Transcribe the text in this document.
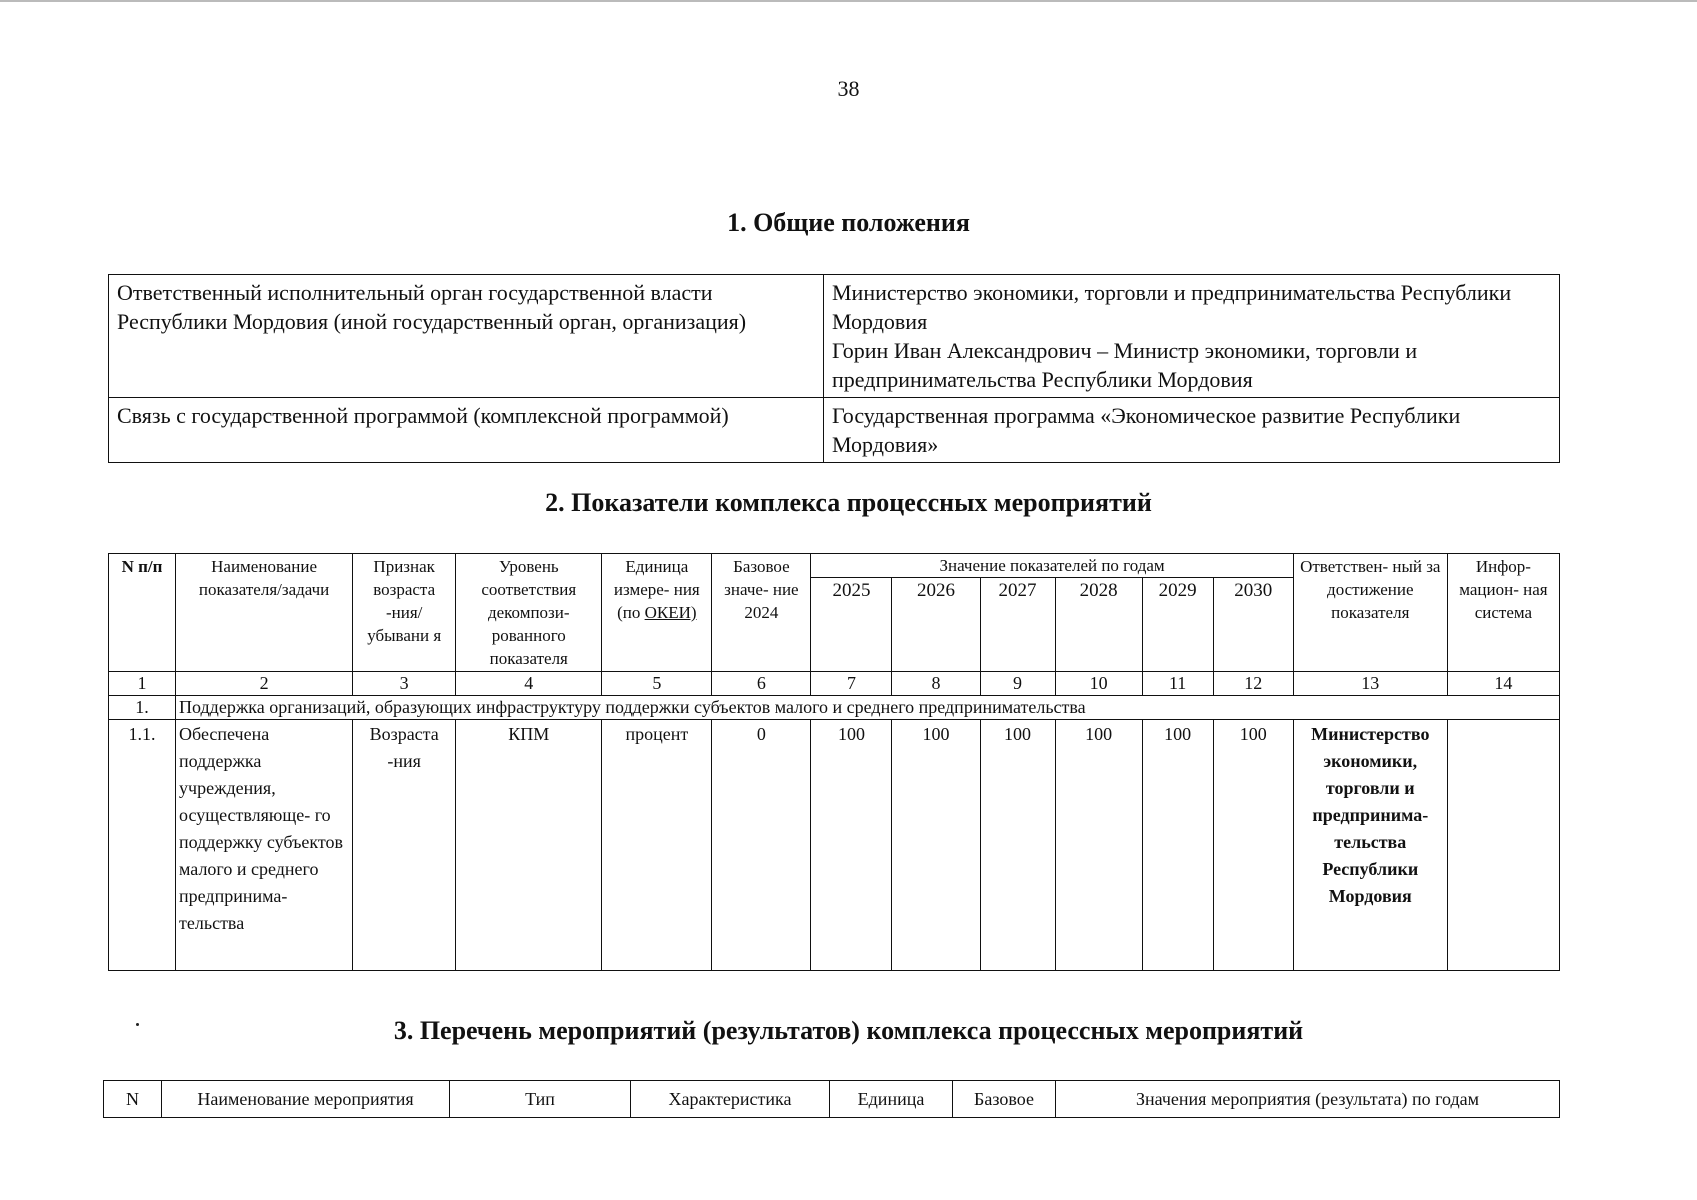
38
1. Общие положения
Ответственный исполнительный орган государственной власти Республики Мордовия (иной государственный орган, организация)	Министерство экономики, торговли и предпринимательства Республики Мордовия
Горин Иван Александрович – Министр экономики, торговли и предпринимательства Республики Мордовия

Связь с государственной программой (комплексной программой)	Государственная программа «Экономическое развитие Республики Мордовия»
2. Показатели комплекса процессных мероприятий
N п/п	Наименование показателя/задачи	Признак возраста -ния/ убывани я	Уровень соответствия декомпози- рованного показателя	Единица измере- ния (по ОКЕИ)	Базовое значе- ние 2024	Значение показателей по годам						Ответствен- ный за достижение показателя	Инфор- мацион- ная система
						2025	2026	2027	2028	2029	2030		
1	2	3	4	5	6	7	8	9	10	11	12	13	14
1.	Поддержка организаций, образующих инфраструктуру поддержки субъектов малого и среднего предпринимательства												
1.1.	Обеспечена поддержка учреждения, осуществляюще- го поддержку субъектов малого и среднего предпринима- тельства	Возраста -ния	КПМ	процент	0	100	100	100	100	100	100	Министерство экономики, торговли и предпринима- тельства Республики Мордовия	
3. Перечень мероприятий (результатов) комплекса процессных мероприятий
N	Наименование мероприятия	Тип	Характеристика	Единица	Базовое	Значения мероприятия (результата) по годам
